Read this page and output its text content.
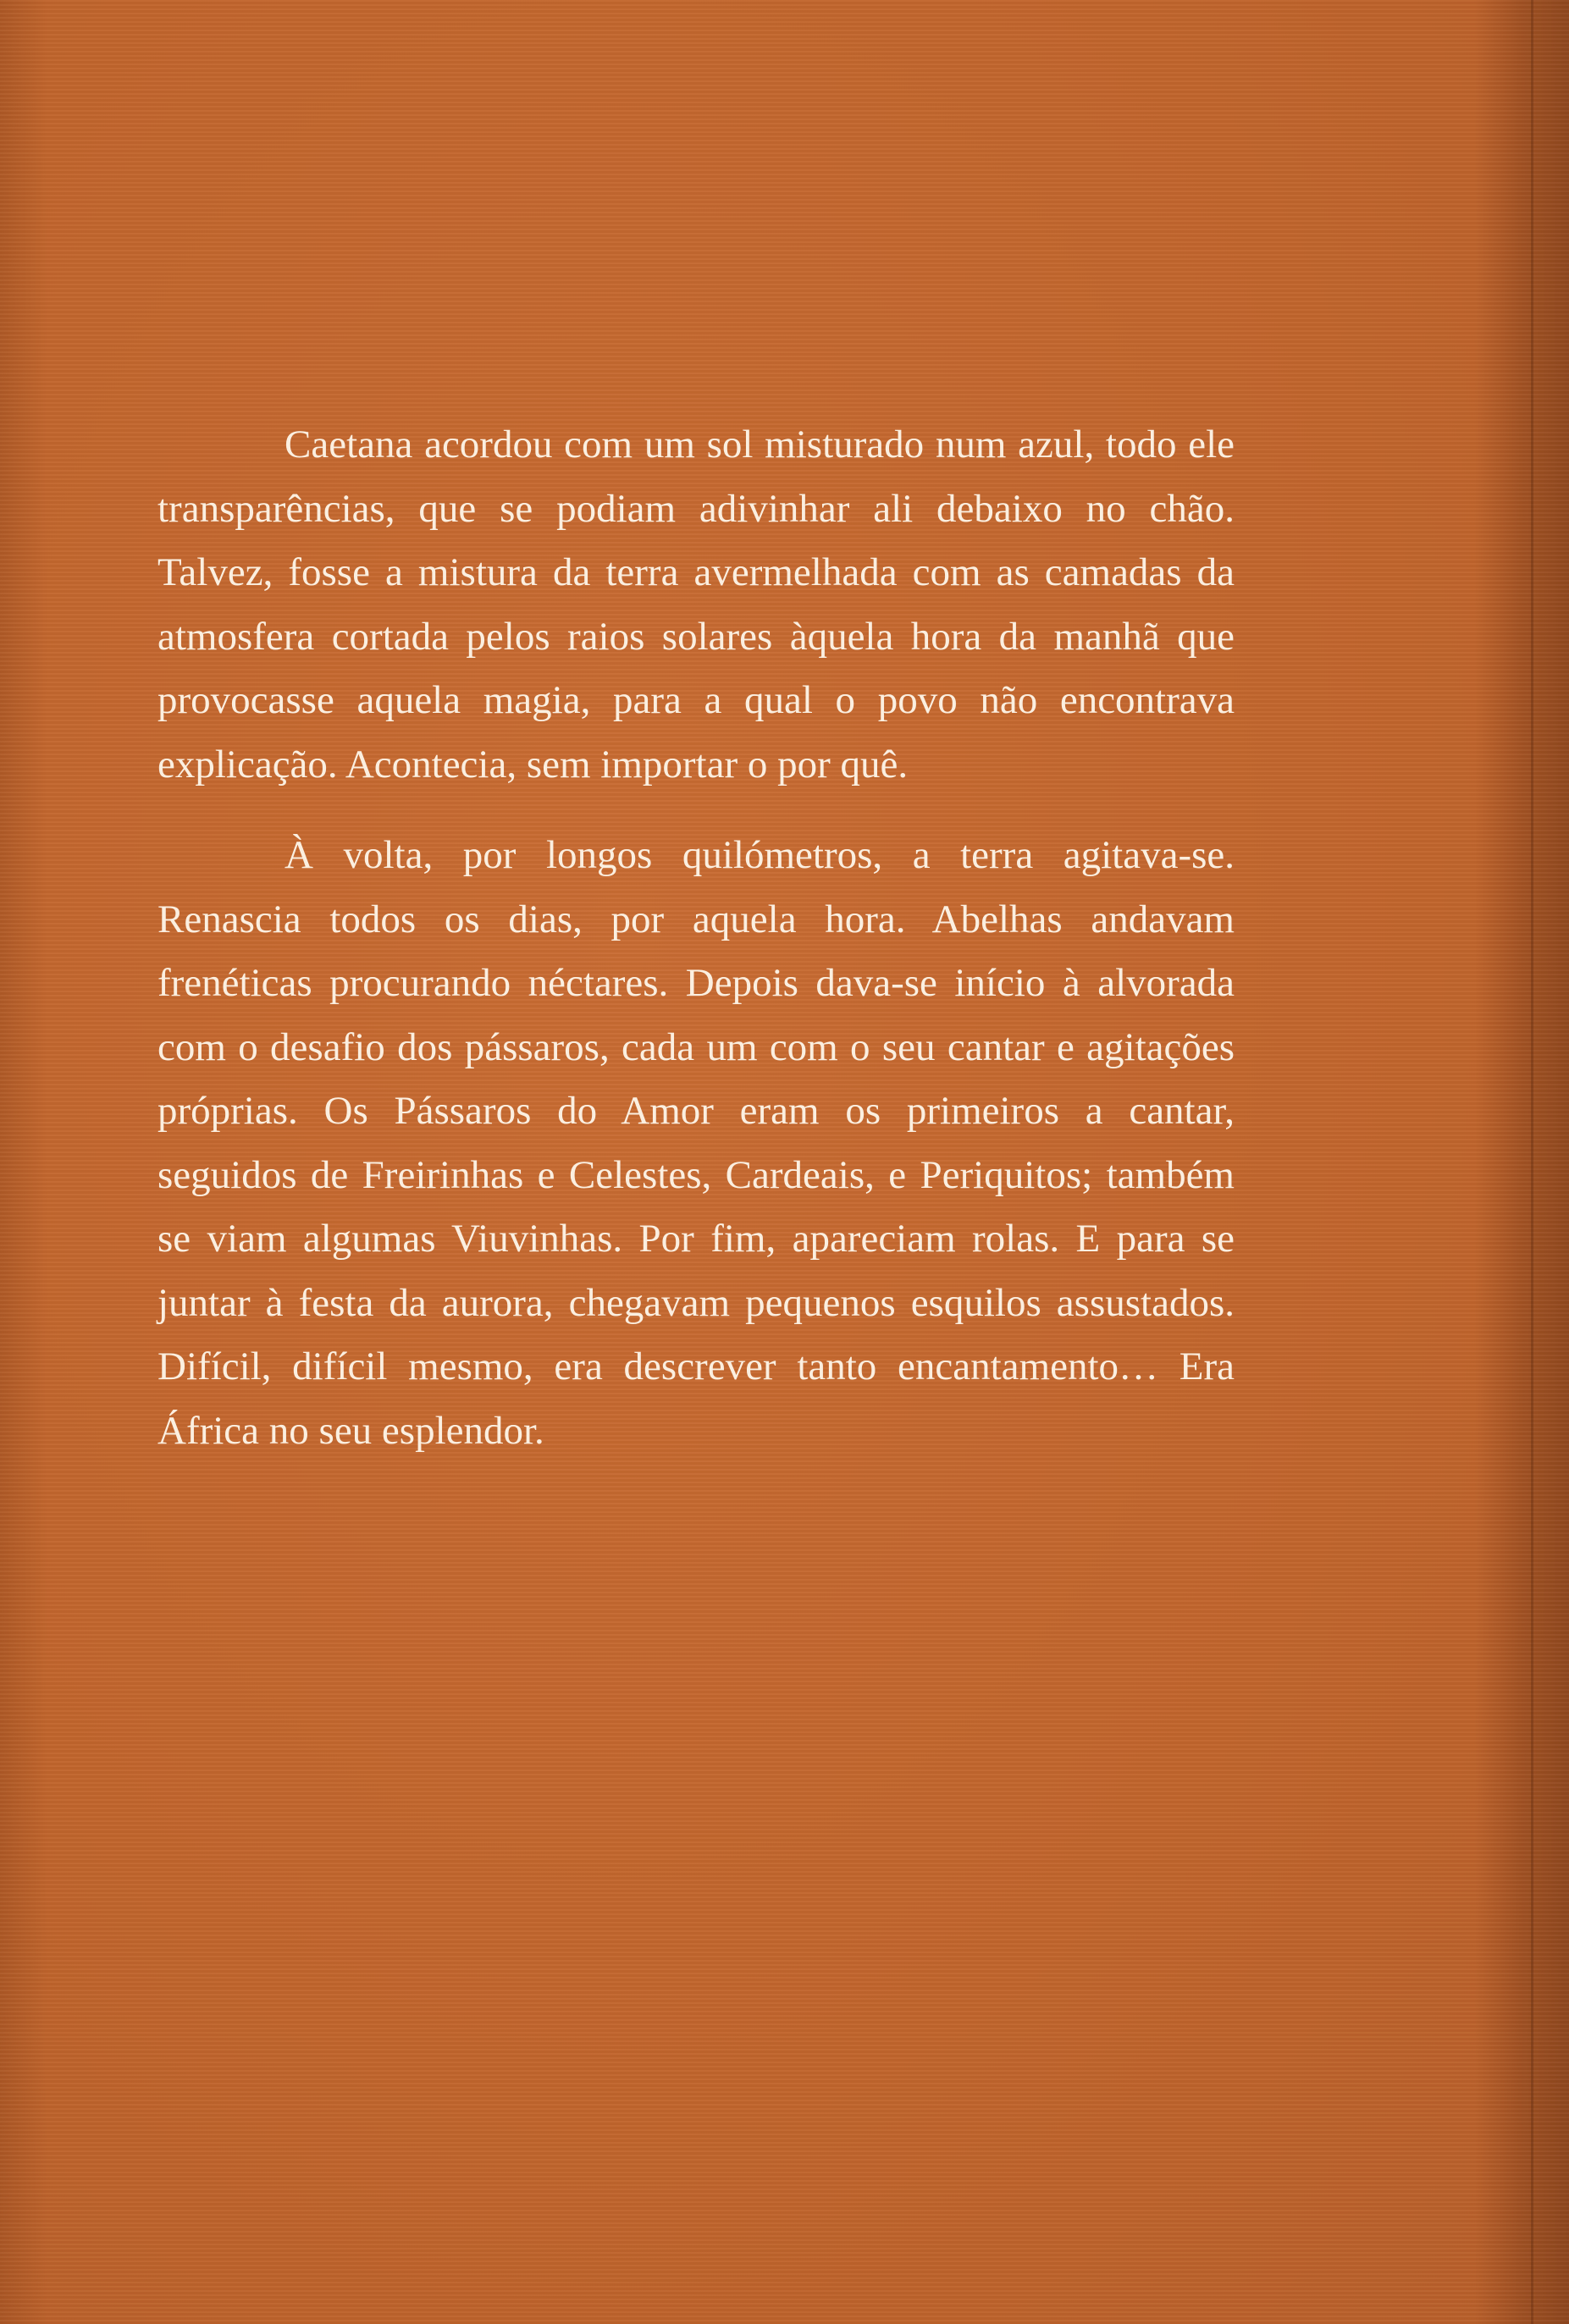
Caetana acordou com um sol misturado num azul, todo ele transparências, que se podiam adivinhar ali debaixo no chão. Talvez, fosse a mistura da terra avermelhada com as camadas da atmosfera cortada pelos raios solares àquela hora da manhã que provocasse aquela magia, para a qual o povo não encontrava explicação. Acontecia, sem importar o por quê.

À volta, por longos quilómetros, a terra agitava-se. Renascia todos os dias, por aquela hora. Abelhas andavam frenéticas procurando néctares. Depois dava-se início à alvorada com o desafio dos pássaros, cada um com o seu cantar e agitações próprias. Os Pássaros do Amor eram os primeiros a cantar, seguidos de Freirinhas e Celestes, Cardeais, e Periquitos; também se viam algumas Viuvinhas. Por fim, apareciam rolas. E para se juntar à festa da aurora, chegavam pequenos esquilos assustados. Difícil, difícil mesmo, era descrever tanto encantamento… Era África no seu esplendor.
